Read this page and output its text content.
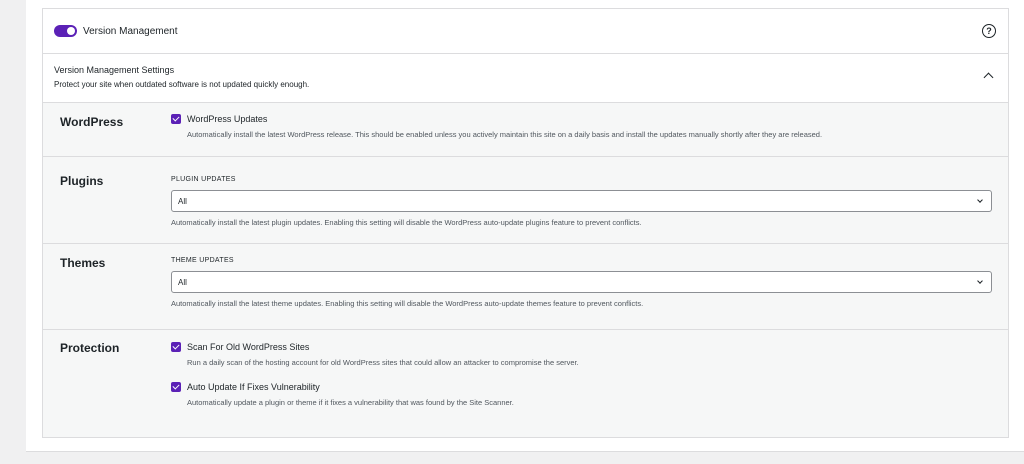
Version Management	?
Version Management Settings
Protect your site when outdated software is not updated quickly enough.
WordPress	WordPress Updates
Automatically install the latest WordPress release. This should be enabled unless you actively maintain this site on a daily basis and install the updates manually shortly after they are released.
Plugins	PLUGIN UPDATES
All
Automatically install the latest plugin updates. Enabling this setting will disable the WordPress auto-update plugins feature to prevent conflicts.
Themes	THEME UPDATES
All
Automatically install the latest theme updates. Enabling this setting will disable the WordPress auto-update themes feature to prevent conflicts.
Protection	Scan For Old WordPress Sites
Run a daily scan of the hosting account for old WordPress sites that could allow an attacker to compromise the server.
Auto Update If Fixes Vulnerability
Automatically update a plugin or theme if it fixes a vulnerability that was found by the Site Scanner.
